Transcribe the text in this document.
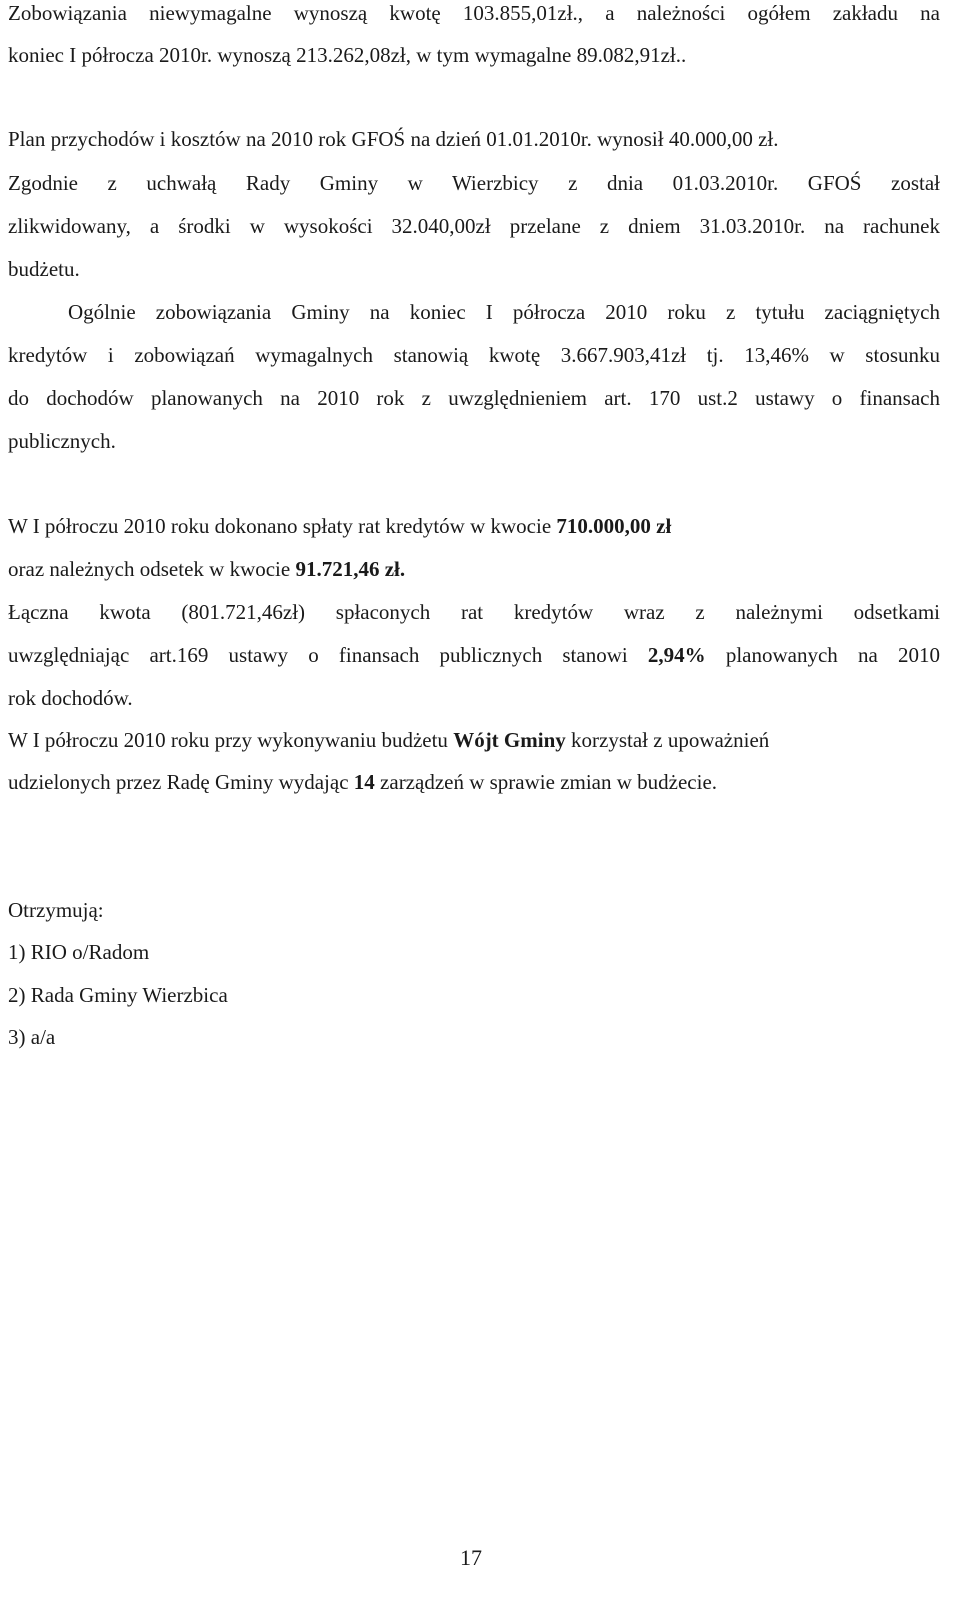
Zobowiązania niewymagalne wynoszą kwotę 103.855,01zł., a należności ogółem zakładu na
koniec I półrocza 2010r. wynoszą 213.262,08zł, w tym wymagalne 89.082,91zł..
Plan przychodów i kosztów na 2010 rok GFOŚ na dzień 01.01.2010r. wynosił 40.000,00 zł.
Zgodnie z uchwałą Rady Gminy w Wierzbicy z dnia 01.03.2010r. GFOŚ został
zlikwidowany, a środki w wysokości 32.040,00zł przelane z dniem 31.03.2010r. na rachunek
budżetu.
Ogólnie zobowiązania Gminy na koniec I półrocza 2010 roku z tytułu zaciągniętych
kredytów i zobowiązań wymagalnych stanowią kwotę 3.667.903,41zł tj. 13,46% w stosunku
do dochodów planowanych na 2010 rok z uwzględnieniem art. 170 ust.2 ustawy o finansach
publicznych.
W I półroczu 2010 roku dokonano spłaty rat kredytów w kwocie 710.000,00 zł
oraz należnych odsetek w kwocie 91.721,46 zł.
Łączna kwota (801.721,46zł) spłaconych rat kredytów wraz z należnymi odsetkami
uwzględniając art.169 ustawy o finansach publicznych stanowi 2,94% planowanych na 2010
rok dochodów.
W I półroczu 2010 roku przy wykonywaniu budżetu Wójt Gminy korzystał z upoważnień
udzielonych przez Radę Gminy wydając 14 zarządzeń w sprawie zmian w budżecie.
Otrzymują:
1) RIO o/Radom
2) Rada Gminy Wierzbica
3) a/a
17
